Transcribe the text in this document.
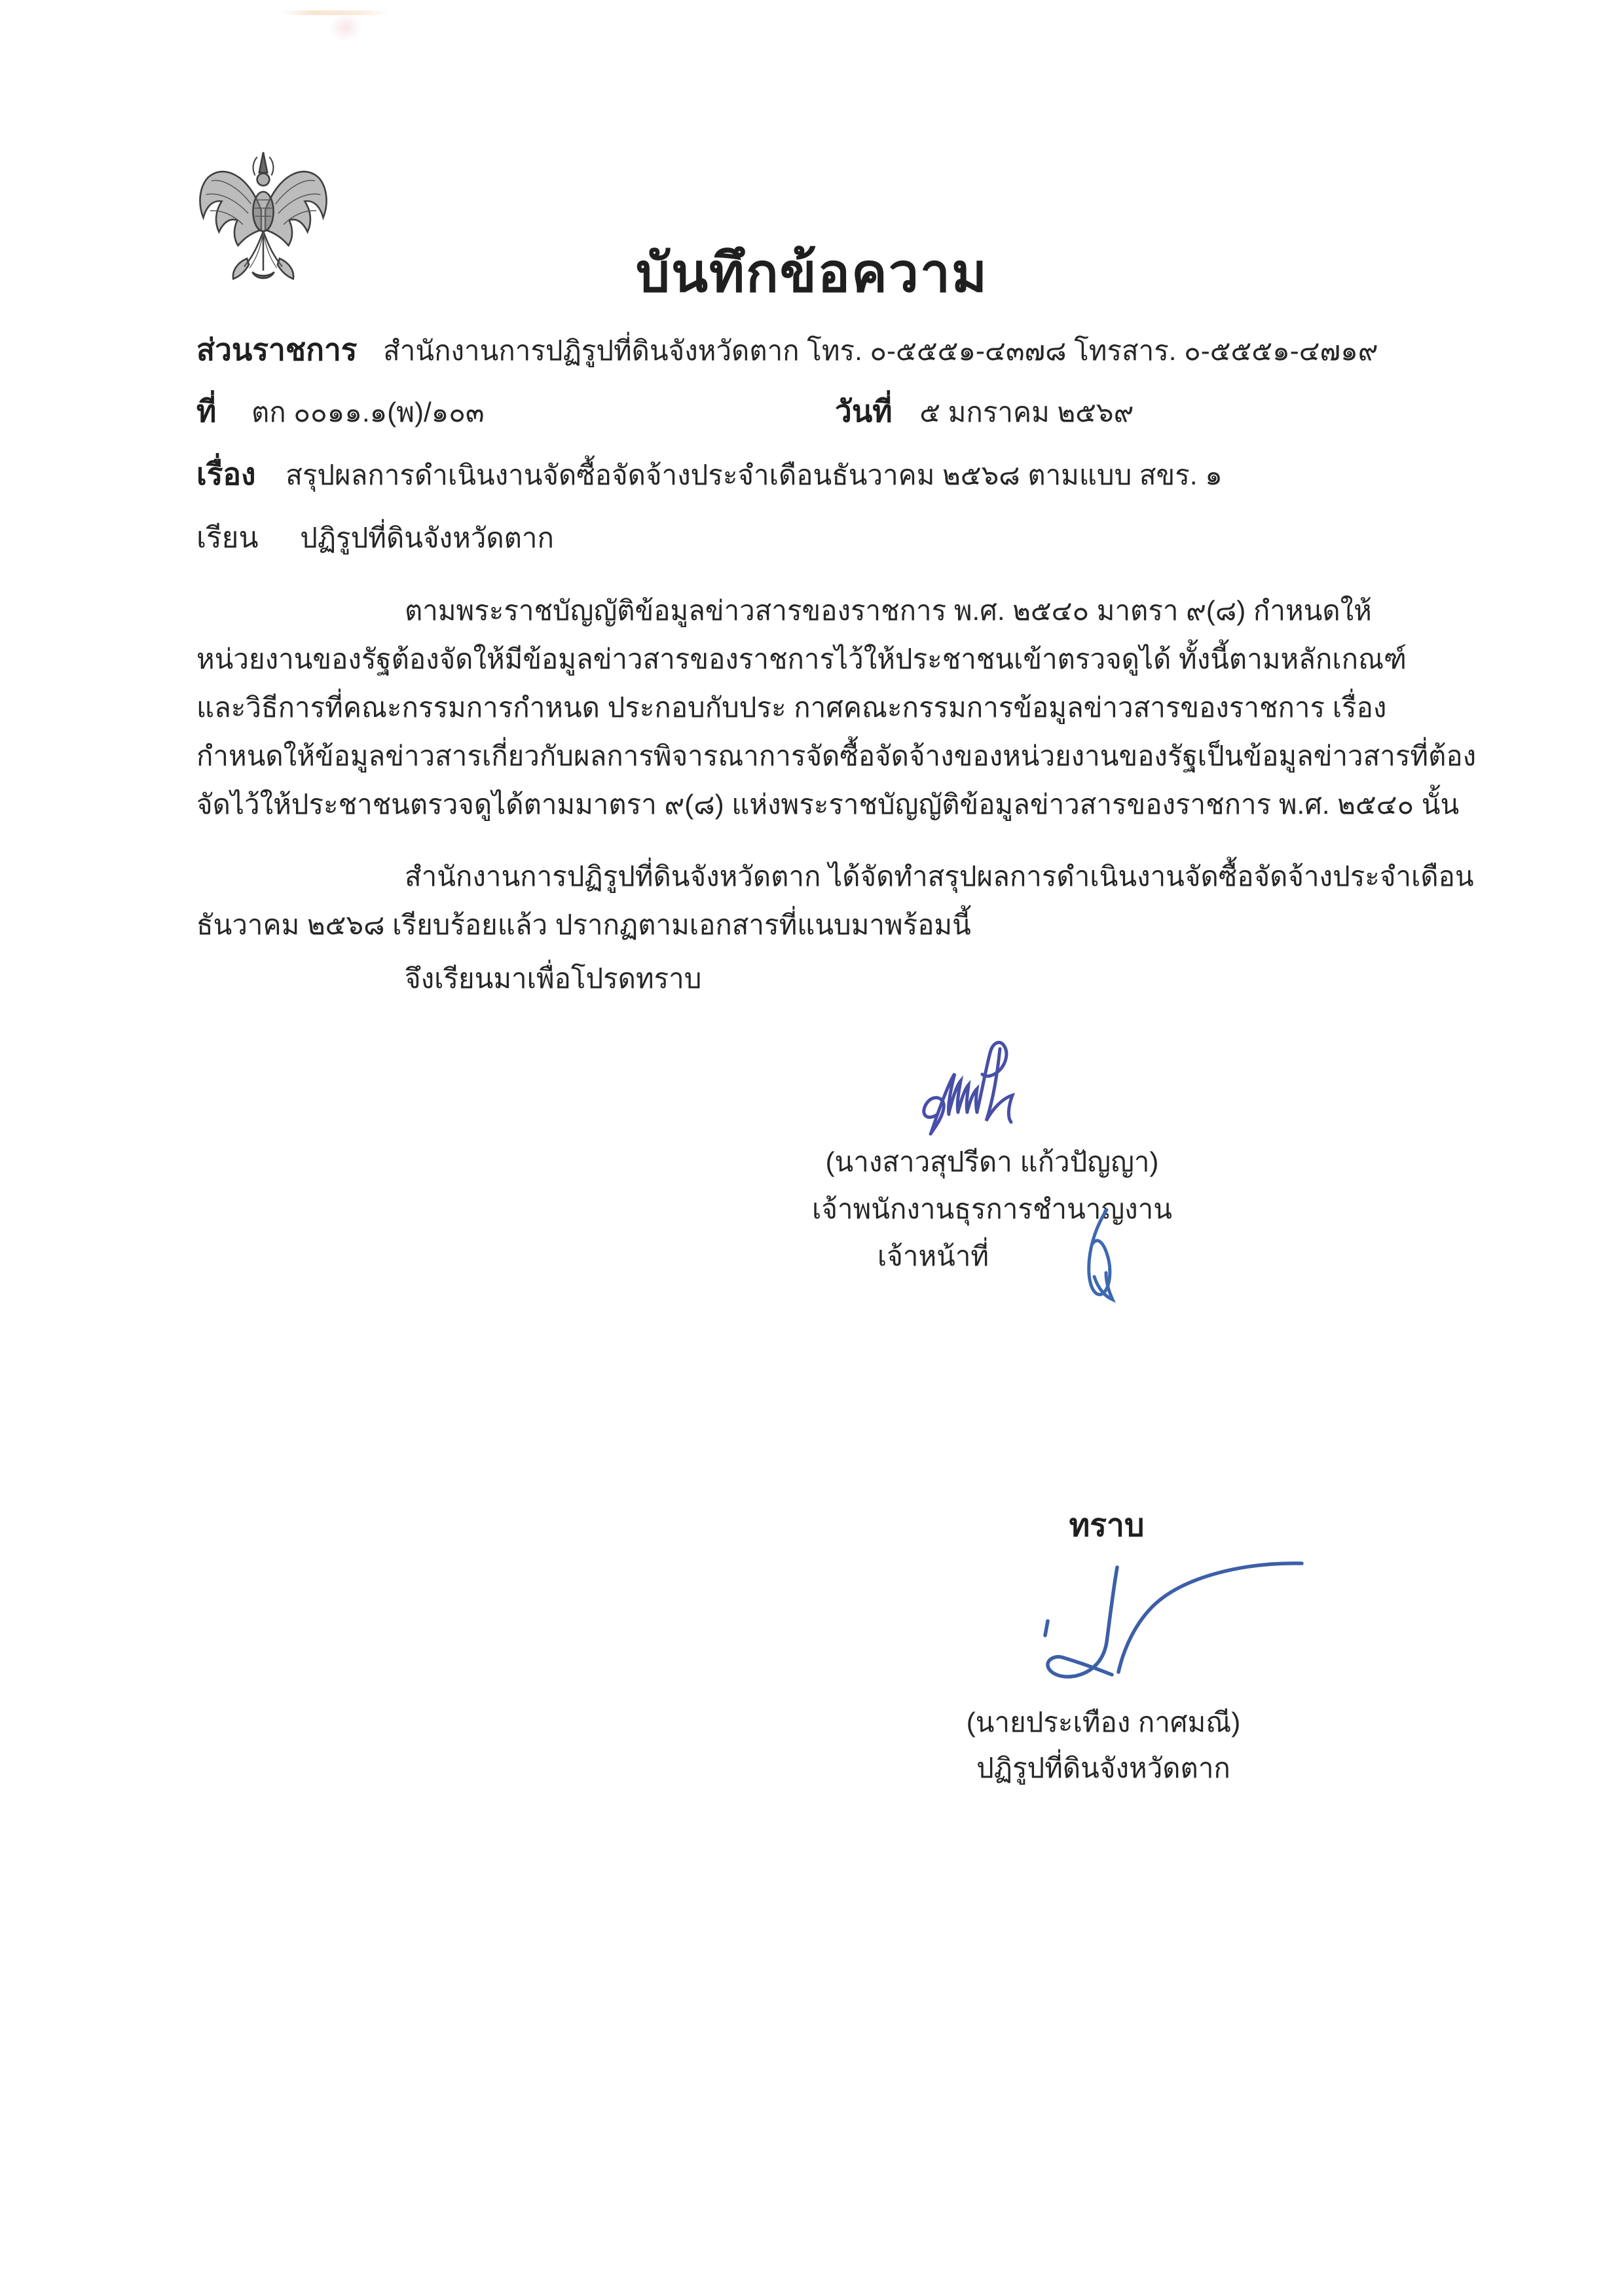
บันทึกข้อความ
ส่วนราชการ สำนักงานการปฏิรูปที่ดินจังหวัดตาก โทร. ๐-๕๕๕๑-๔๓๗๘ โทรสาร. ๐-๕๕๕๑-๔๗๑๙
ที่ ตก ๐๐๑๑.๑(พ)/๑๐๓	วันที่ ๕ มกราคม ๒๕๖๙
เรื่อง สรุปผลการดำเนินงานจัดซื้อจัดจ้างประจำเดือนธันวาคม ๒๕๖๘ ตามแบบ สขร. ๑
เรียน ปฏิรูปที่ดินจังหวัดตาก
ตามพระราชบัญญัติข้อมูลข่าวสารของราชการ พ.ศ. ๒๕๔๐ มาตรา ๙(๘) กำหนดให้
หน่วยงานของรัฐต้องจัดให้มีข้อมูลข่าวสารของราชการไว้ให้ประชาชนเข้าตรวจดูได้ ทั้งนี้ตามหลักเกณฑ์
และวิธีการที่คณะกรรมการกำหนด ประกอบกับประ กาศคณะกรรมการข้อมูลข่าวสารของราชการ เรื่อง
กำหนดให้ข้อมูลข่าวสารเกี่ยวกับผลการพิจารณาการจัดซื้อจัดจ้างของหน่วยงานของรัฐเป็นข้อมูลข่าวสารที่ต้อง
จัดไว้ให้ประชาชนตรวจดูได้ตามมาตรา ๙(๘) แห่งพระราชบัญญัติข้อมูลข่าวสารของราชการ พ.ศ. ๒๕๔๐ นั้น
สำนักงานการปฏิรูปที่ดินจังหวัดตาก ได้จัดทำสรุปผลการดำเนินงานจัดซื้อจัดจ้างประจำเดือน
ธันวาคม ๒๕๖๘ เรียบร้อยแล้ว ปรากฏตามเอกสารที่แนบมาพร้อมนี้
จึงเรียนมาเพื่อโปรดทราบ
(นางสาวสุปรีดา แก้วปัญญา)
เจ้าพนักงานธุรการชำนาญงาน
เจ้าหน้าที่
ทราบ
(นายประเทือง กาศมณี)
ปฏิรูปที่ดินจังหวัดตาก
